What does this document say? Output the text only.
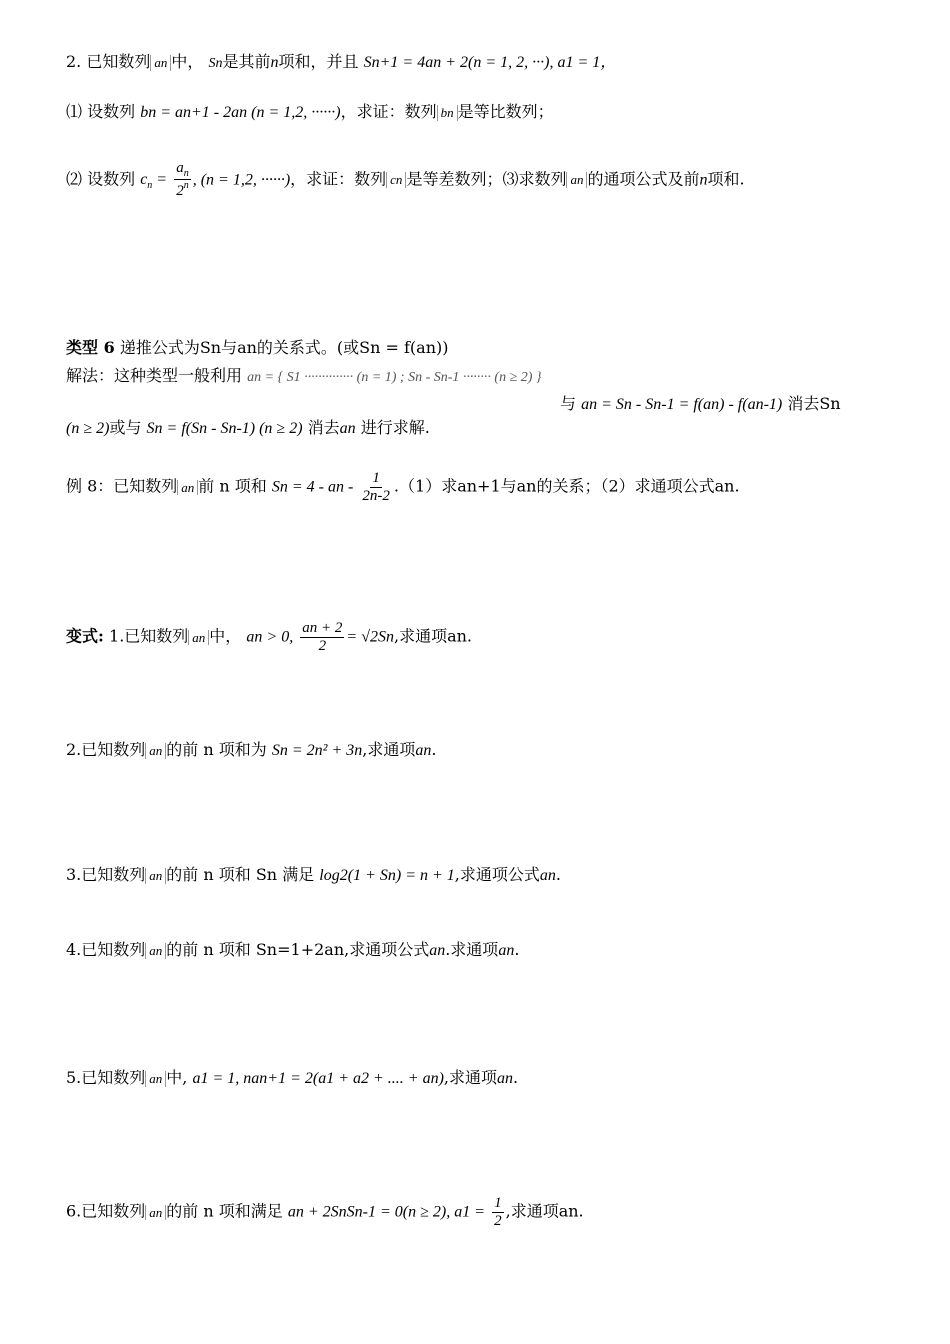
2. 已知数列 an 中， Sn是其前n项和，并且 Sn+1 = 4an + 2(n = 1, 2, ···), a1 = 1，
⑴ 设数列 bn = an+1 - 2an (n = 1,2, ······)，求证：数列 bn 是等比数列；
⑵ 设数列 $c_n = \frac{a_n}{2^n}$ , (n = 1,2, ······)，求证：数列 cn 是等差数列；⑶求数列 an 的通项公式及前n项和.
类型 6 递推公式为Sn与an的关系式。(或Sn = f(an))
解法：这种类型一般利用 an = { S1 ·············· (n = 1) ; Sn - Sn-1 ········ (n ≥ 2) }
与 an = Sn - Sn-1 = f(an) - f(an-1) 消去Sn
(n ≥ 2)或与 Sn = f(Sn - Sn-1) (n ≥ 2) 消去an 进行求解.
例 8：已知数列 an 前 n 项和 Sn = 4 - an - $\frac{1}{2n-2} .(1)$求an+1与an的关系；（2）求通项公式an.
变式: 1.已知数列 an 中， an > 0, $\frac{an + 2}{2} = √2Sn$,求通项an.
2.已知数列 an 的前 n 项和为 Sn = 2n² + 3n,求通项an.
3.已知数列 an 的前 n 项和 Sn 满足 log2(1 + Sn) = n + 1,求通项公式an.
4.已知数列 an 的前 n 项和 Sn=1+2an,求通项公式an.求通项an.
5.已知数列 an 中, a1 = 1, nan+1 = 2(a1 + a2 + .... + an),求通项an.
6.已知数列 an 的前 n 项和满足 an + 2SnSn-1 = 0(n ≥ 2), $a1 = \frac{1}{2}$ ,求通项an.
